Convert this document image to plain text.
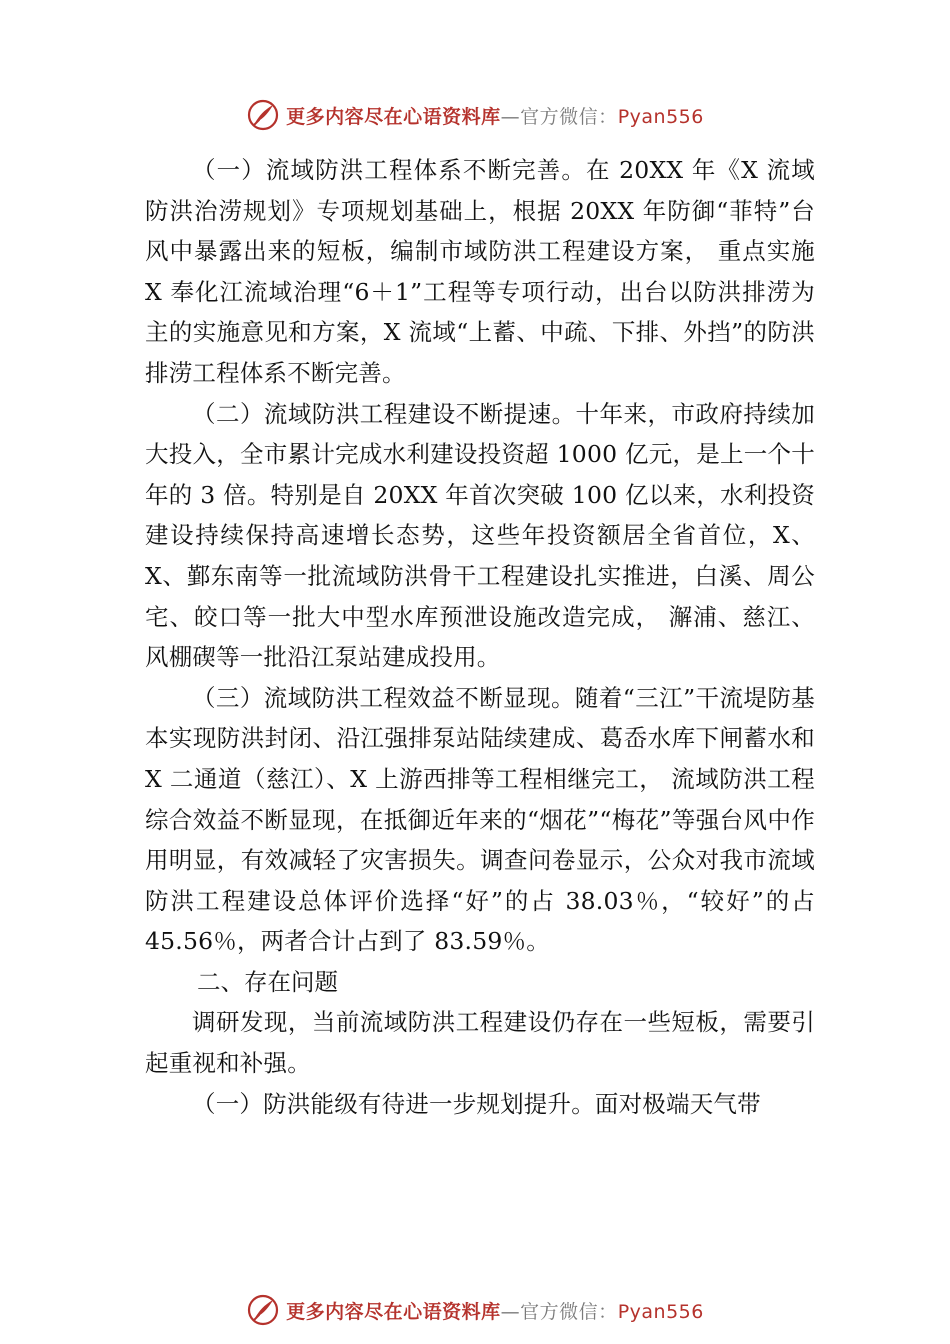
更多内容尽在心语资料库—官方微信：Pyan556

（一）流域防洪工程体系不断完善。在 20XX 年《X 流域防洪治涝规划》专项规划基础上，根据 20XX 年防御“菲特”台风中暴露出来的短板，编制市域防洪工程建设方案， 重点实施 X 奉化江流域治理“6＋1”工程等专项行动，出台以防洪排涝为主的实施意见和方案，X 流域“上蓄、中疏、下排、外挡”的防洪排涝工程体系不断完善。

（二）流域防洪工程建设不断提速。十年来，市政府持续加大投入，全市累计完成水利建设投资超 1000 亿元，是上一个十年的 3 倍。特别是自 20XX 年首次突破 100 亿以来，水利投资建设持续保持高速增长态势，这些年投资额居全省首位，X、X、鄞东南等一批流域防洪骨干工程建设扎实推进，白溪、周公宅、皎口等一批大中型水库预泄设施改造完成， 澥浦、慈江、风棚碶等一批沿江泵站建成投用。

（三）流域防洪工程效益不断显现。随着“三江”干流堤防基本实现防洪封闭、沿江强排泵站陆续建成、葛岙水库下闸蓄水和 X 二通道（慈江）、X 上游西排等工程相继完工， 流域防洪工程综合效益不断显现，在抵御近年来的“烟花”“梅花”等强台风中作用明显，有效减轻了灾害损失。调查问卷显示，公众对我市流域防洪工程建设总体评价选择“好”的占 38.03％，“较好”的占 45.56％，两者合计占到了 83.59％。

二、存在问题

调研发现，当前流域防洪工程建设仍存在一些短板，需要引起重视和补强。

（一）防洪能级有待进一步规划提升。面对极端天气带

更多内容尽在心语资料库—官方微信：Pyan556
